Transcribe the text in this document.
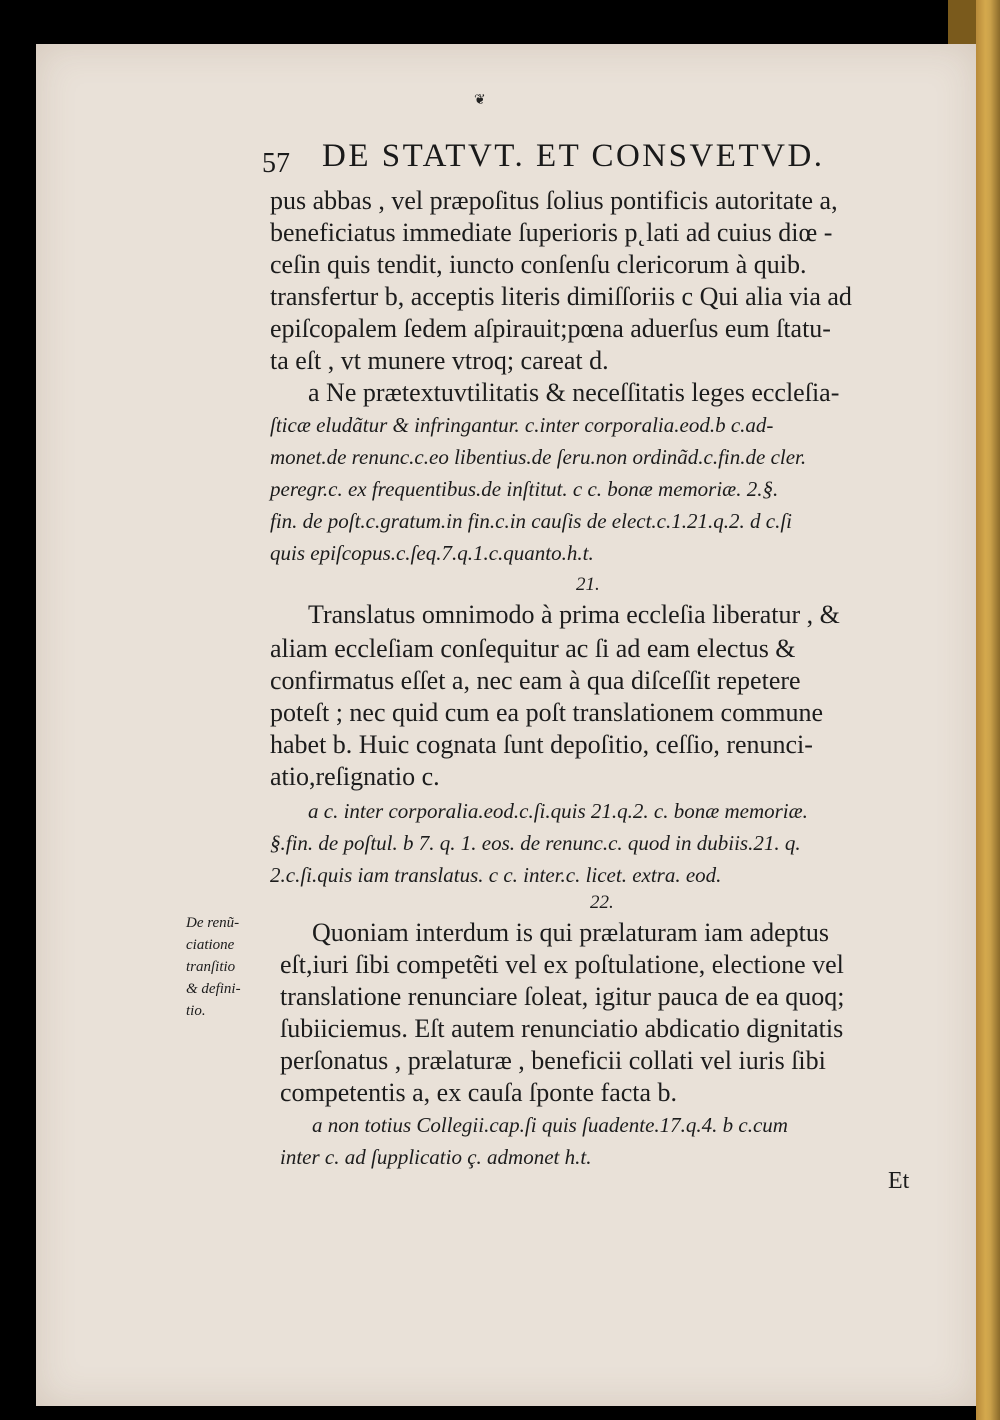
❦
57 DE STATVT. ET CONSVETVD.
pus abbas , vel præpoſitus ſolius pontificis autoritate a,
beneficiatus immediate ſuperioris p˛lati ad cuius diœ -
ceſin quis tendit, iuncto conſenſu clericorum à quib.
transfertur b, acceptis literis dimiſſoriis c Qui alia via ad
epiſcopalem ſedem aſpirauit;pœna aduerſus eum ſtatu-
ta eſt , vt munere vtroq; careat d.
a Ne prætextuvtilitatis & neceſſitatis leges eccleſia-
ſticæ eludãtur & infringantur. c.inter corporalia.eod.b c.ad-
monet.de renunc.c.eo libentius.de ſeru.non ordinãd.c.fin.de cler.
peregr.c. ex frequentibus.de inſtitut. c c. bonæ memoriæ. 2.§.
fin. de poſt.c.gratum.in fin.c.in cauſis de elect.c.1.21.q.2. d c.ſi
quis epiſcopus.c.ſeq.7.q.1.c.quanto.h.t.
21.
Translatus omnimodo à prima eccleſia liberatur , &
aliam eccleſiam conſequitur ac ſi ad eam electus &
confirmatus eſſet a, nec eam à qua diſceſſit repetere
poteſt ; nec quid cum ea poſt translationem commune
habet b. Huic cognata ſunt depoſitio, ceſſio, renunci-
atio,reſignatio c.
a c. inter corporalia.eod.c.ſi.quis 21.q.2. c. bonæ memoriæ.
§.fin. de poſtul. b 7. q. 1. eos. de renunc.c. quod in dubiis.21. q.
2.c.ſi.quis iam translatus. c c. inter.c. licet. extra. eod.
22.
De renũ-
ciatione
tranſitio
& defini-
tio.
Quoniam interdum is qui prælaturam iam adeptus
eſt,iuri ſibi competẽti vel ex poſtulatione, electione vel
translatione renunciare ſoleat, igitur pauca de ea quoq;
ſubiiciemus. Eſt autem renunciatio abdicatio dignitatis
perſonatus , prælaturæ , beneficii collati vel iuris ſibi
competentis a, ex cauſa ſponte facta b.
a non totius Collegii.cap.ſi quis ſuadente.17.q.4. b c.cum
inter c. ad ſupplicatio ç. admonet h.t.
Et
